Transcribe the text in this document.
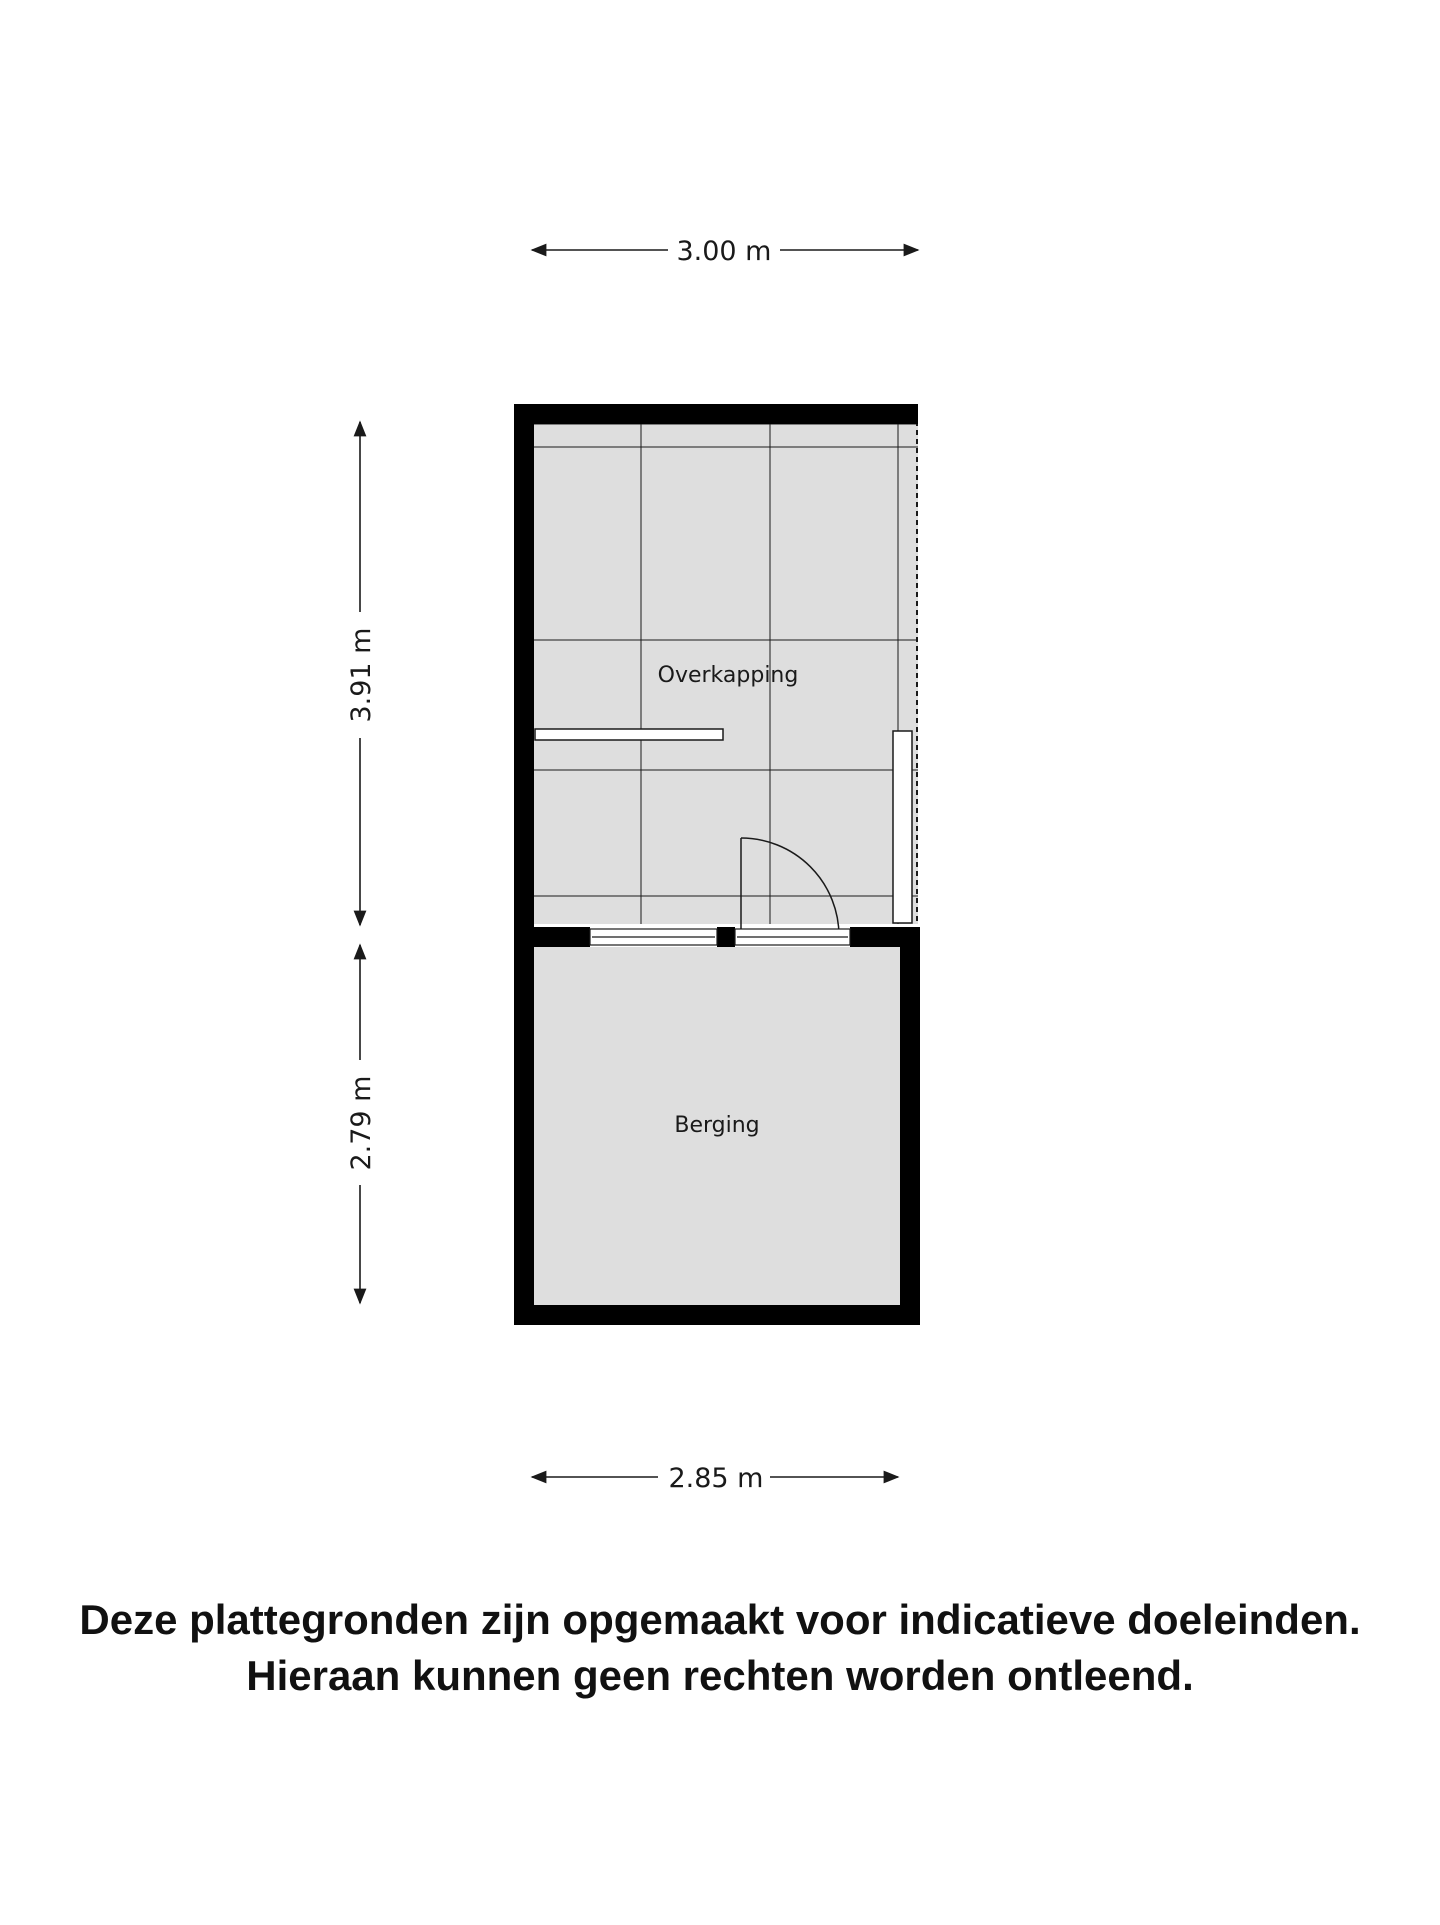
3.00 m
3.91 m
2.79 m
2.85 m
Overkapping
Berging
Deze plattegronden zijn opgemaakt voor indicatieve doeleinden.
Hieraan kunnen geen rechten worden ontleend.
